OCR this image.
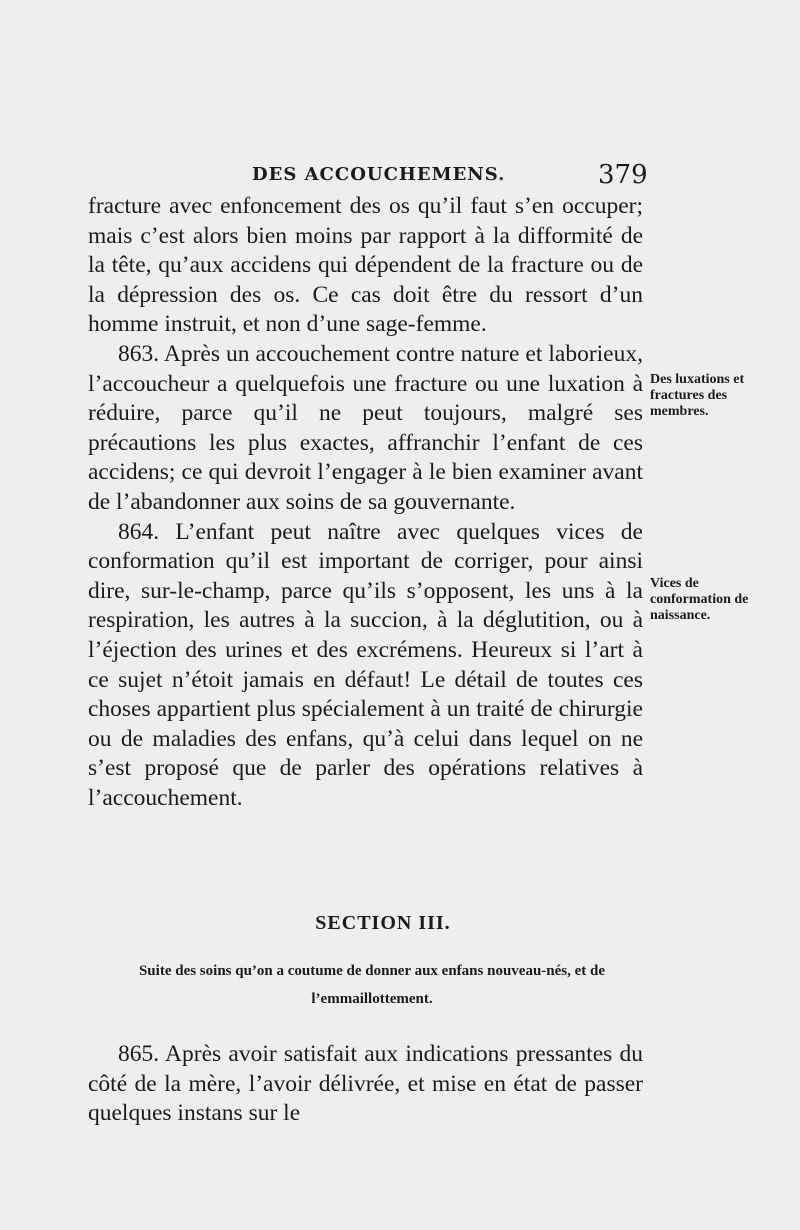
DES ACCOUCHEMENS.	379

fracture avec enfoncement des os qu’il faut s’en occuper; mais c’est alors bien moins par rapport à la difformité de la tête, qu’aux accidens qui dépendent de la fracture ou de la dépression des os. Ce cas doit être du ressort d’un homme instruit, et non d’une sage-femme.

863. Après un accouchement contre nature et laborieux, l’accoucheur a quelquefois une fracture ou une luxation à réduire, parce qu’il ne peut toujours, malgré ses précautions les plus exactes, affranchir l’enfant de ces accidens; ce qui devroit l’engager à le bien examiner avant de l’abandonner aux soins de sa gouvernante.

864. L’enfant peut naître avec quelques vices de conformation qu’il est important de corriger, pour ainsi dire, sur-le-champ, parce qu’ils s’opposent, les uns à la respiration, les autres à la succion, à la déglutition, ou à l’éjection des urines et des excrémens. Heureux si l’art à ce sujet n’étoit jamais en défaut! Le détail de toutes ces choses appartient plus spécialement à un traité de chirurgie ou de maladies des enfans, qu’à celui dans lequel on ne s’est proposé que de parler des opérations relatives à l’accouchement.

Des luxations et fractures des membres.
Vices de conformation de naissance.
SECTION III.
Suite des soins qu’on a coutume de donner aux enfans nouveau-nés, et de l’emmaillottement.

865. Après avoir satisfait aux indications pressantes du côté de la mère, l’avoir délivrée, et mise en état de passer quelques instans sur le
